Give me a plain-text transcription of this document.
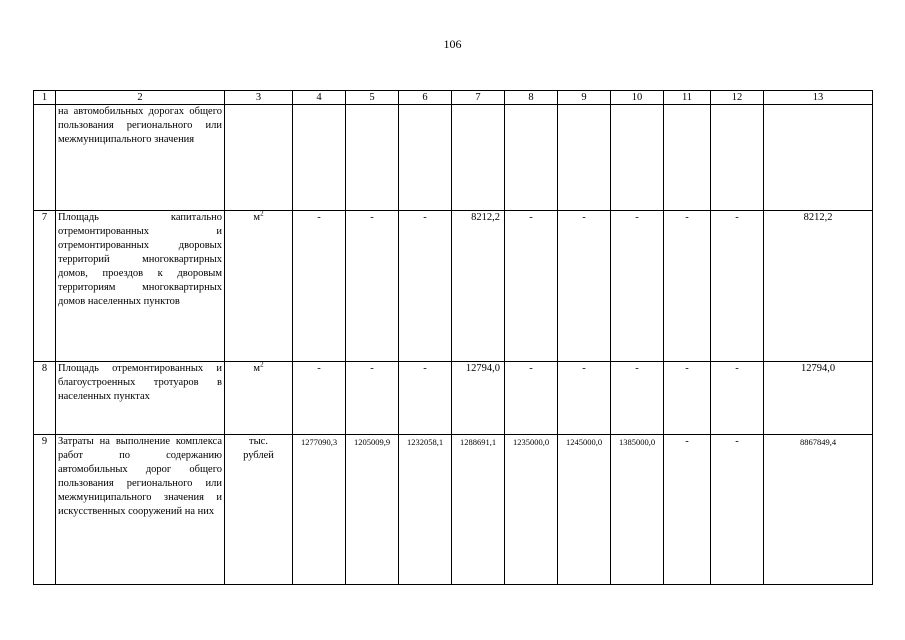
106
1	2	3	4	5	6	7	8	9	10	11	12	13
	на автомобильных дорогах общего пользования регионального или межмуниципального значения											
7	Площадь капитально отремонтированных и отремонтированных дворовых территорий многоквартирных домов, проездов к дворовым территориям многоквартирных домов населенных пунктов	$м^2$	-	-	-	8212,2	-	-	-	-	-	8212,2
8	Площадь отремонтированных и благоустроенных тротуаров в населенных пунктах	$м^2$	-	-	-	12794,0	-	-	-	-	-	12794,0
9	Затраты на выполнение комплекса работ по содержанию автомобильных дорог общего пользования регионального или межмуниципального значения и искусственных сооружений на них	тыс. рублей	1277090,3	1205009,9	1232058,1	1288691,1	1235000,0	1245000,0	1385000,0	-	-	8867849,4
